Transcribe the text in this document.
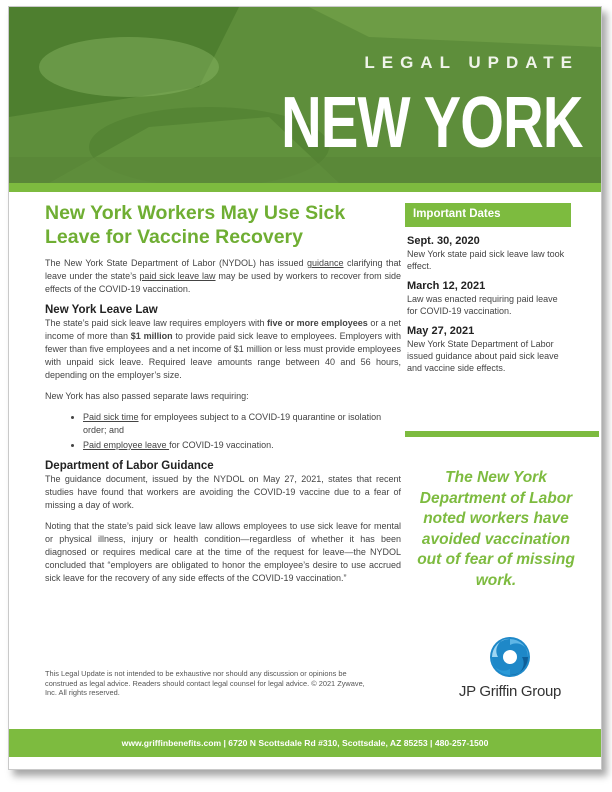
LEGAL UPDATE
NEW YORK
New York Workers May Use Sick Leave for Vaccine Recovery

The New York State Department of Labor (NYDOL) has issued guidance clarifying that leave under the state’s paid sick leave law may be used by workers to recover from side effects of the COVID-19 vaccination.

New York Leave Law

The state’s paid sick leave law requires employers with five or more employees or a net income of more than $1 million to provide paid sick leave to employees. Employers with fewer than five employees and a net income of $1 million or less must provide employees with unpaid sick leave. Required leave amounts range between 40 and 56 hours, depending on the employer’s size.

New York has also passed separate laws requiring:

• Paid sick time for employees subject to a COVID-19 quarantine or isolation order; and
• Paid employee leave for COVID-19 vaccination.
Department of Labor Guidance

The guidance document, issued by the NYDOL on May 27, 2021, states that recent studies have found that workers are avoiding the COVID-19 vaccine due to a fear of missing a day of work.

Noting that the state’s paid sick leave law allows employees to use sick leave for mental or physical illness, injury or health condition—regardless of whether it has been diagnosed or requires medical care at the time of the request for leave—the NYDOL concluded that “employers are obligated to honor the employee’s desire to use accrued sick leave for the recovery of any side effects of the COVID-19 vaccination.”

Important Dates
Sept. 30, 2020
New York state paid sick leave law took effect.
March 12, 2021
Law was enacted requiring paid leave for COVID-19 vaccination.
May 27, 2021
New York State Department of Labor issued guidance about paid sick leave and vaccine side effects.
The New York Department of Labor noted workers have avoided vaccination out of fear of missing work.
JP Griffin Group
This Legal Update is not intended to be exhaustive nor should any discussion or opinions be construed as legal advice. Readers should contact legal counsel for legal advice. © 2021 Zywave, Inc. All rights reserved.
www.griffinbenefits.com | 6720 N Scottsdale Rd #310, Scottsdale, AZ 85253 | 480-257-1500
